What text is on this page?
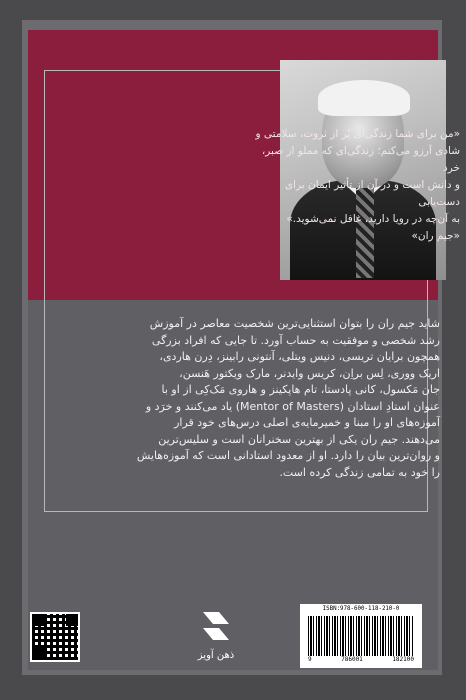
«من برای شما زندگی‌ای پُر از ثروت، سلامتی و
شادی آرزو می‌کنم؛ زندگی‌ای که مملو از صبر، خرد
و دانش است و در آن از تأثیر ایمان برای دست‌یابی
به آن‌چه در رویا دارید، غافل نمی‌شوید.»
«جیم ران»
شاید جیم ران را بتوان استثنایی‌ترین شخصیت معاصر در آموزش
رشد شخصی و موفقیت به حساب آورد. تا جایی که افراد بزرگی
همچون برایان تریسی، دنیس ویتلی، آنتونی رابینز، دِرن هاردی،
اریک ووری، لِس براِن، کریس وایدنر، مارک ویکتور هَنسن،
جان مَکسول، کانی پادستا، تام هاپکینز و هاروی مَک‌کِی از او با
عنوان استادِ استادان (Mentor of Masters) یاد می‌کنند و خرَد و
آموزه‌های او را مبنا و خمیرمایه‌ی اصلی درس‌های خود قرار
می‌دهند. جیم ران یکی از بهترین سخنرانان است و سلیس‌ترین
و روان‌ترین بیان را دارد. او از معدود استادانی است که آموزه‌هایش
را خود به تمامی زندگی کرده است.
ذهن آویز
ISBN:978-600-118-210-0
9	786001	182100
